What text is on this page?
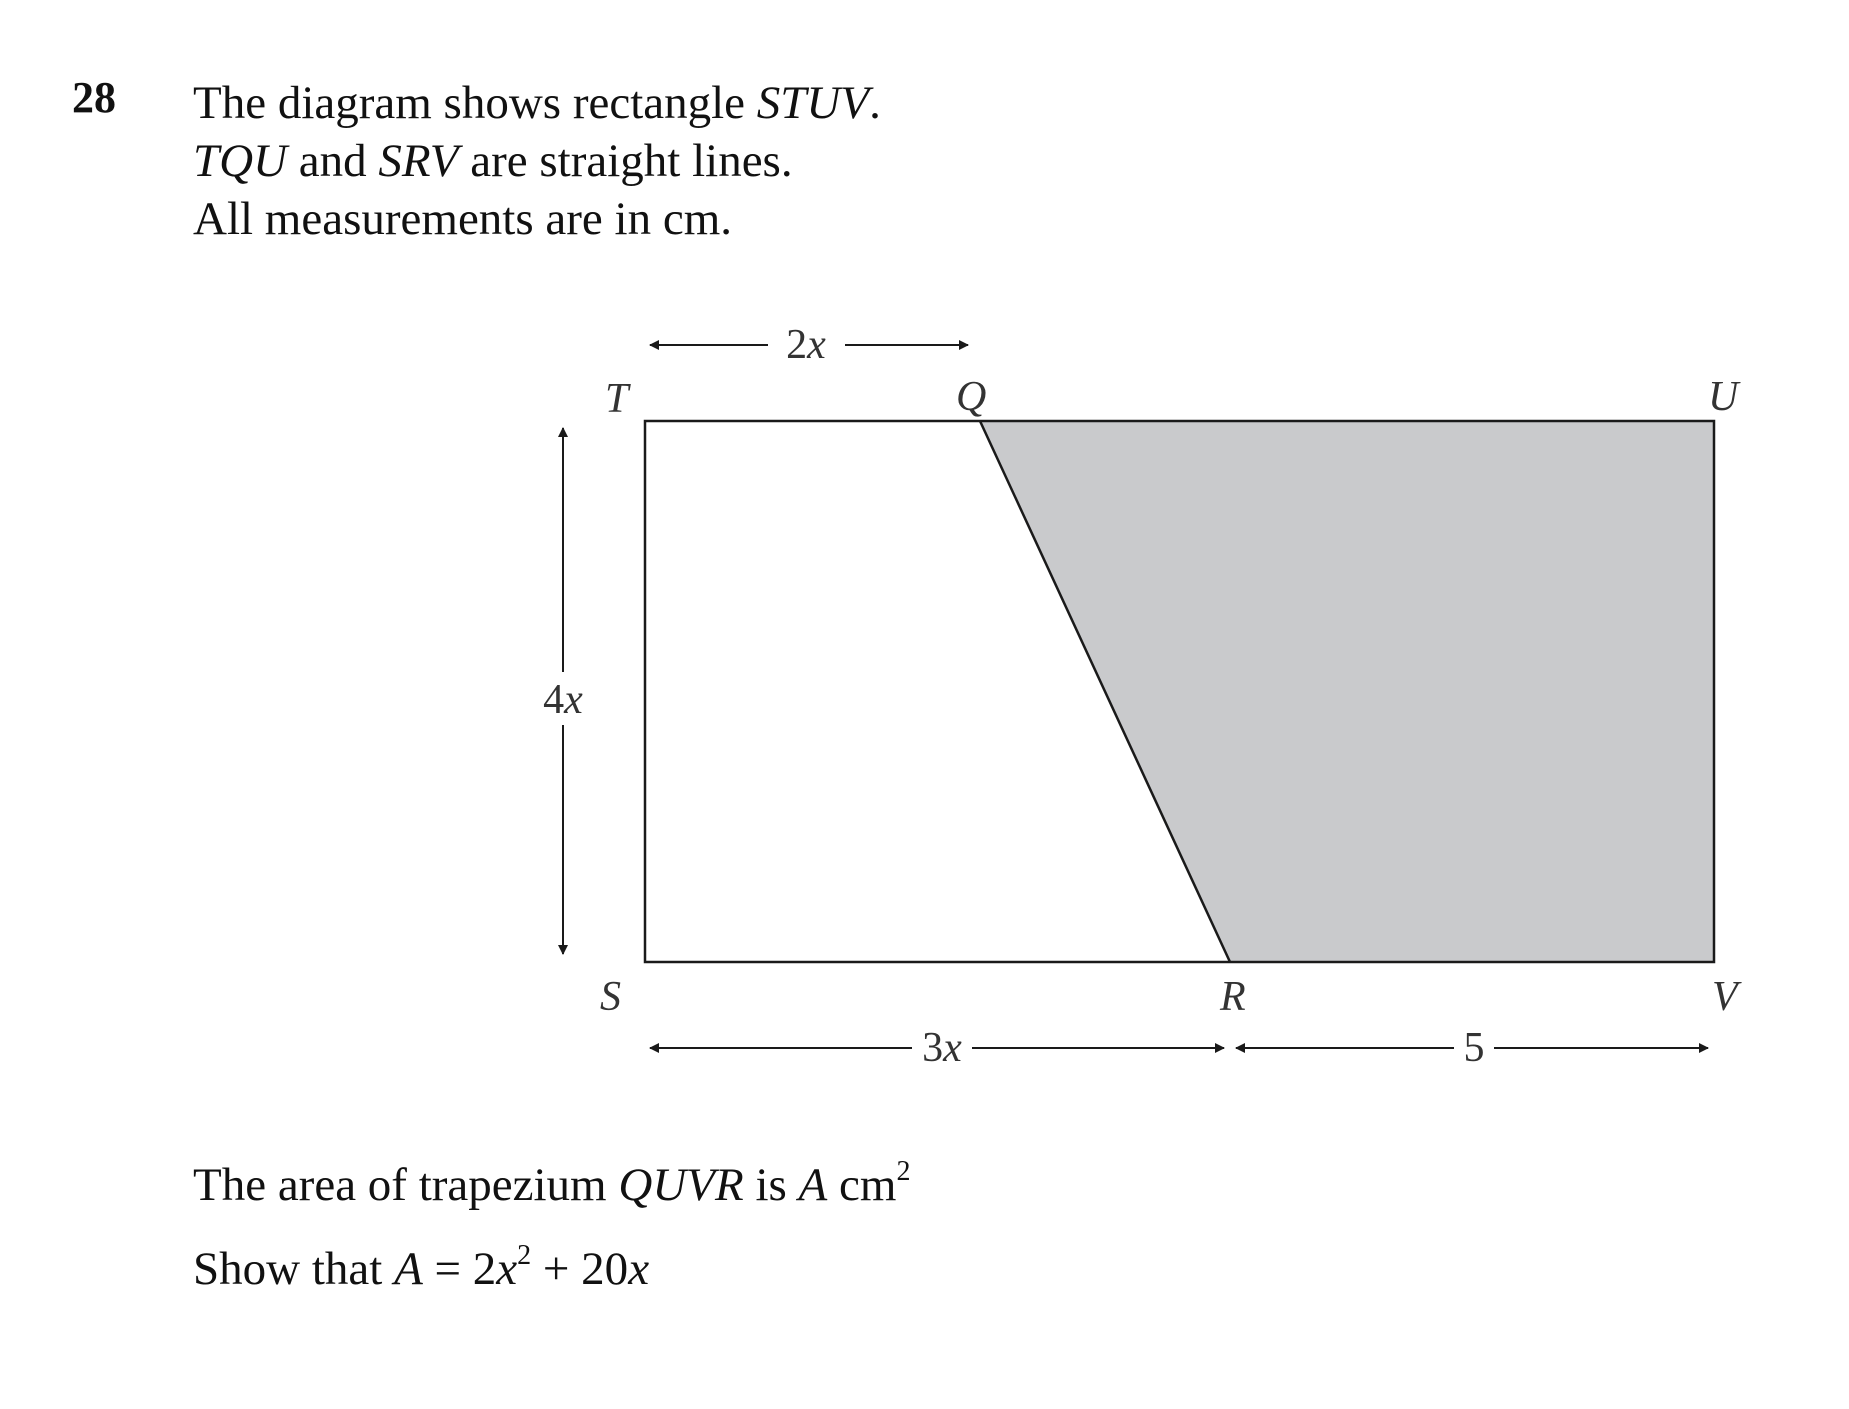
28 The diagram shows rectangle STUV.
TQU and SRV are straight lines.
All measurements are in cm.
T	Q	U
S	R	V
2x
4x
3x	5
The area of trapezium QUVR is A $cm^2$
Show that $A = 2x^2 + 20x$
